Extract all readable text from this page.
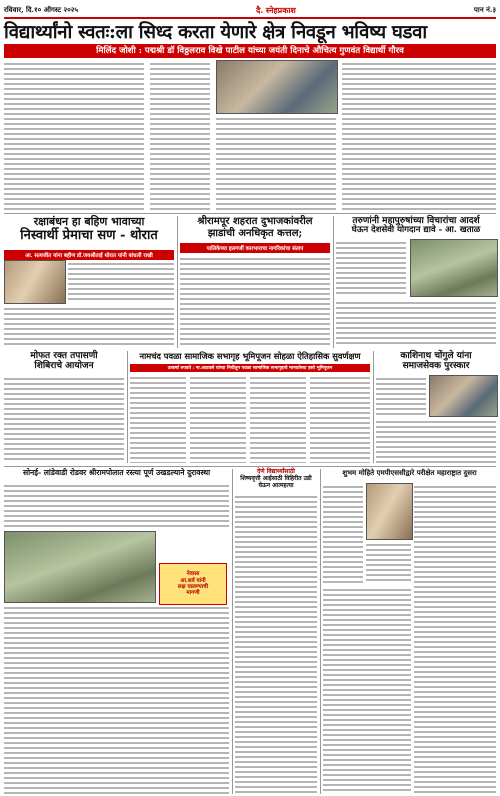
रविवार, दि.१० ऑगस्ट २०२५	दै. स्नेहप्रकाश	पान नं.३
विद्यार्थ्यांनो स्वतः:ला सिध्द करता येणारे क्षेत्र निवडून भविष्य घडवा
मिलिंद जोशी : पद्मश्री डॉ विठ्ठलराव विखे पाटील यांच्या जयंती दिनाचे औचित्य गुणवंत विद्यार्थी गौरव
रक्षाबंधन हा बहिण भावाच्या
निस्वार्थी प्रेमाचा सण - थोरात
आ. सत्यजीत यांना बहीण डॉ.जयश्रीताई थोरात यांनी बांधली राखी
श्रीरामपूर शहरात दुभाजकांवरील
झाडांची अनधिकृत कत्तल;
पालिकेच्या हलगर्जी कारभाराचा नागरिकांचा संताप
तरुणांनी महापुरुषांच्या विचारांचा आदर्श
घेऊन देशसेवी योगदान द्यावे - आ. खताळ
मोफत रक्त तपासणी
शिबिराचे आयोजन
नामचंद पवळा सामाजिक सभागृह भूमिपूजन सोहळा ऐतिहासिक सुवर्णक्षण
उत्कर्षा रुपवते : ना.आठवले यांच्या निधीतून पवळा सामाजिक सभागृहाचे मानवतेच्या हस्ते भूमिपूजन
काशिनाथ चोंगुले यांना
समाजसेवक पुरस्कार
सोनई- लांडेवाडी रोडवर श्रीरामपोलात रस्त्या पूर्ण उखडल्याने दुरावस्था
नेवासा
आ.सर्व यांनी
लक्ष घालण्याची
मागणी
देणे विद्यार्थ्यांसाठी
शिष्यवृत्ती आईसाठी विहिरीत उडी
घेऊन आत्महत्या
शुभम मोहिते एमपीएससीद्वारे परीक्षेत महाराष्ट्रात दुसरा
